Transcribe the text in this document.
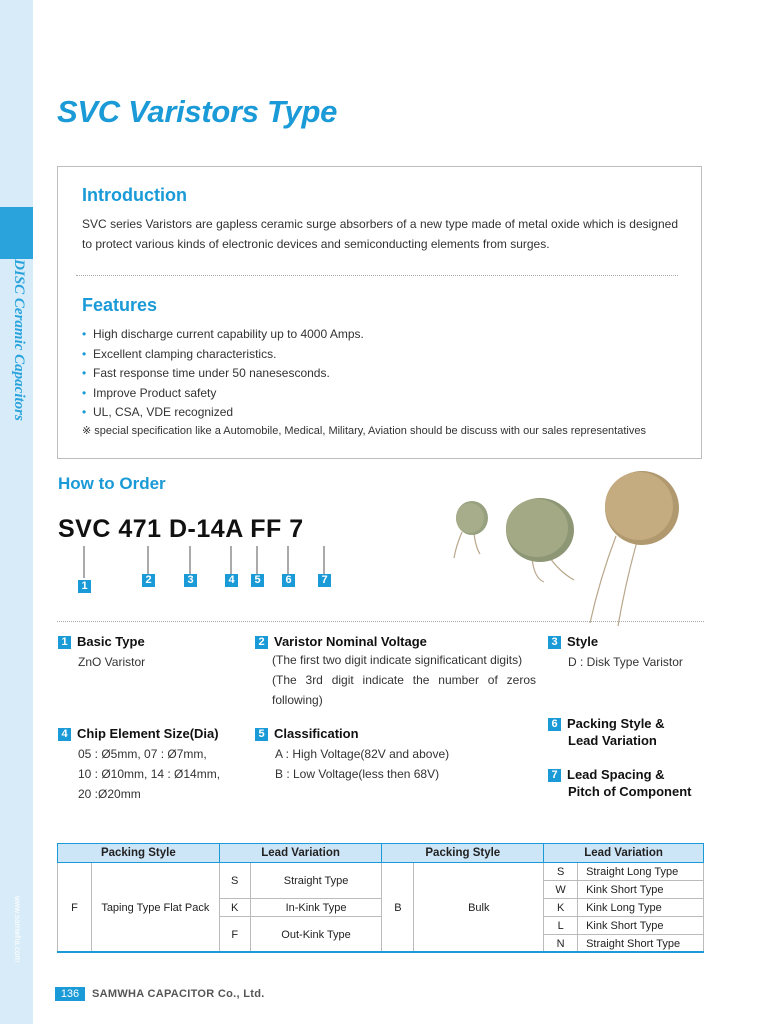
DISC Ceramic Capacitors
www.samwha.com
SVC Varistors Type
Introduction
SVC series Varistors are gapless ceramic surge absorbers of a new type made of metal oxide which is designed to protect various kinds of electronic devices and semiconducting elements from surges.
Features
• High discharge current capability up to 4000 Amps.
• Excellent clamping characteristics.
• Fast response time under 50 nanesesconds.
• Improve Product safety
• UL, CSA, VDE recognized
※ special specification like a Automobile, Medical, Military, Aviation should be discuss with our sales representatives
How to Order
SVC 471 D-14A FF 7
1	2	3	4	5	6	7
1 Basic Type
ZnO Varistor
2 Varistor Nominal Voltage
(The first two digit indicate significaticant digits)
(The 3rd digit indicate the number of zeros following)
3 Style
D : Disk Type Varistor
4 Chip Element Size(Dia)
05 : Ø5mm, 07 : Ø7mm,
10 : Ø10mm, 14 : Ø14mm,
20 :Ø20mm
5 Classification
A : High Voltage(82V and above)
B : Low Voltage(less then 68V)
6 Packing Style &
Lead Variation
7 Lead Spacing &
Pitch of Component
Packing Style		Lead Variation		Packing Style		Lead Variation	
F	Taping Type Flat Pack	S	Straight Type	B	Bulk	S	Straight Long Type
						W	Kink Short Type
		K	In-Kink Type			K	Kink Long Type
		F	Out-Kink Type			L	Kink Short Type
						N	Straight Short Type
136	SAMWHA CAPACITOR Co., Ltd.
